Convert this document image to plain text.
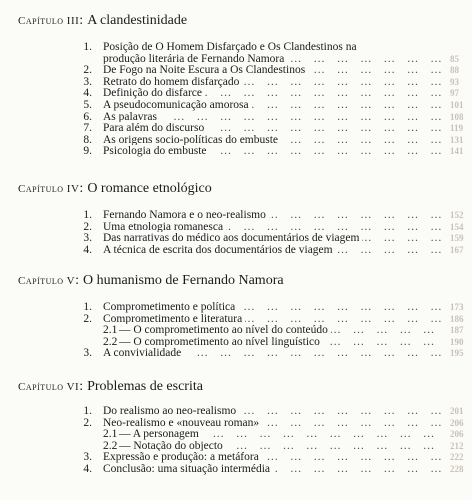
Capítulo III: A clandestinidade
1. Posição de O Homem Disfarçado e Os Clandestinos na
… … … … … … … … … … … … … … … … … … … … … … … … … … … … … … … … … … … …
produção literária de Fernando Namora	85
2. … … … … … … … … … … … … … … … … … … … … … … … … … … … … … … … … … … … … De Fogo na Noite Escura a Os Clandestinos	88
3. … … … … … … … … … … … … … … … … … … … … … … … … … … … … … … … … … … … … Retrato do homem disfarçado	93
4. … … … … … … … … … … … … … … … … … … … … … … … … … … … … … … … … … … … … Definição do disfarce	97
5. … … … … … … … … … … … … … … … … … … … … … … … … … … … … … … … … … … … … A pseudocomunicação amorosa	101
6. … … … … … … … … … … … … … … … … … … … … … … … … … … … … … … … … … … … … As palavras	108
7. … … … … … … … … … … … … … … … … … … … … … … … … … … … … … … … … … … … … Para além do discurso	119
8. … … … … … … … … … … … … … … … … … … … … … … … … … … … … … … … … … … … … As origens socio-políticas do embuste	131
9. … … … … … … … … … … … … … … … … … … … … … … … … … … … … … … … … … … … … Psicologia do embuste	141
Capítulo IV: O romance etnológico
1. … … … … … … … … … … … … … … … … … … … … … … … … … … … … … … … … … … … … Fernando Namora e o neo-realismo	152
2. … … … … … … … … … … … … … … … … … … … … … … … … … … … … … … … … … … … … Uma etnologia romanesca	154
3. … … … … … … … … … … … … … … … … … … … … … … … … … … … … … … … … … … … … Das narrativas do médico aos documentários de viagem	159
4. … … … … … … … … … … … … … … … … … … … … … … … … … … … … … … … … … … … … A técnica de escrita dos documentários de viagem	167
Capítulo V: O humanismo de Fernando Namora
1. … … … … … … … … … … … … … … … … … … … … … … … … … … … … … … … … … … … … Comprometimento e política	173
2. … … … … … … … … … … … … … … … … … … … … … … … … … … … … … … … … … … … … Comprometimento e literatura	186
2.1 … … … … … … … … … … … … … … … … … … … … … … … … … … … … … … … … … … … … — O comprometimento ao nível do conteúdo	187
2.2 … … … … … … … … … … … … … … … … … … … … … … … … … … … … … … … … … … … … — O comprometimento ao nível linguístico	190
3. … … … … … … … … … … … … … … … … … … … … … … … … … … … … … … … … … … … … A convivialidade	195
Capítulo VI: Problemas de escrita
1. … … … … … … … … … … … … … … … … … … … … … … … … … … … … … … … … … … … … Do realismo ao neo-realismo	201
2. … … … … … … … … … … … … … … … … … … … … … … … … … … … … … … … … … … … … Neo-realismo e «nouveau roman»	206
2.1 … … … … … … … … … … … … … … … … … … … … … … … … … … … … … … … … … … … … — A personagem	206
2.2 … … … … … … … … … … … … … … … … … … … … … … … … … … … … … … … … … … … … — Notação do objecto	212
3. … … … … … … … … … … … … … … … … … … … … … … … … … … … … … … … … … … … … Expressão e produção: a metáfora	222
4. … … … … … … … … … … … … … … … … … … … … … … … … … … … … … … … … … … … … Conclusão: uma situação intermédia	228
